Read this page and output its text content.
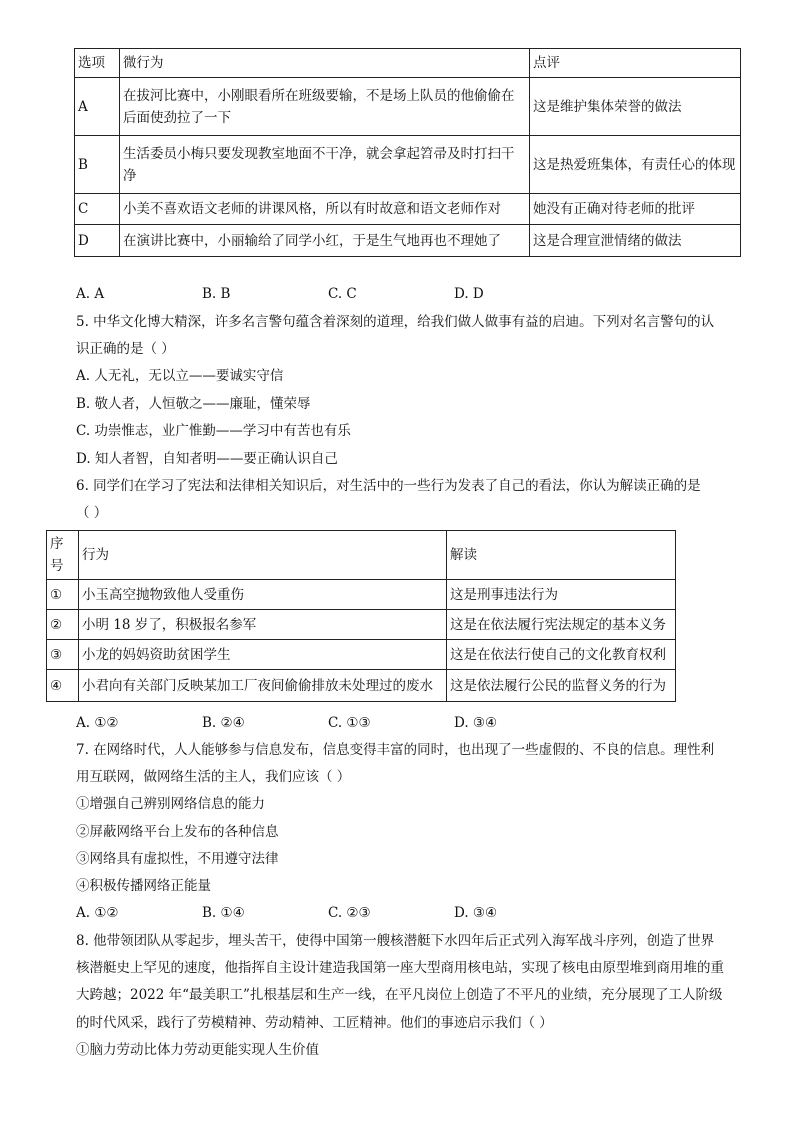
选项	微行为	点评
A	在拔河比赛中，小刚眼看所在班级要输，不是场上队员的他偷偷在后面使劲拉了一下	这是维护集体荣誉的做法
B	生活委员小梅只要发现教室地面不干净，就会拿起笤帚及时打扫干净	这是热爱班集体，有责任心的体现
C	小美不喜欢语文老师的讲课风格，所以有时故意和语文老师作对	她没有正确对待老师的批评
D	在演讲比赛中，小丽输给了同学小红，于是生气地再也不理她了	这是合理宣泄情绪的做法
A. A	B. B	C. C	D. D
5. 中华文化博大精深，许多名言警句蕴含着深刻的道理，给我们做人做事有益的启迪。下列对名言警句的认
识正确的是（ ）
A. 人无礼，无以立——要诚实守信
B. 敬人者，人恒敬之——廉耻，懂荣辱
C. 功崇惟志，业广惟勤——学习中有苦也有乐
D. 知人者智，自知者明——要正确认识自己
6. 同学们在学习了宪法和法律相关知识后，对生活中的一些行为发表了自己的看法，你认为解读正确的是
（ ）
序号	行为	解读
①	小玉高空抛物致他人受重伤	这是刑事违法行为
②	小明 18 岁了，积极报名参军	这是在依法履行宪法规定的基本义务
③	小龙的妈妈资助贫困学生	这是在依法行使自己的文化教育权利
④	小君向有关部门反映某加工厂夜间偷偷排放未处理过的废水	这是依法履行公民的监督义务的行为
A. ①②	B. ②④	C. ①③	D. ③④
7. 在网络时代，人人能够参与信息发布，信息变得丰富的同时，也出现了一些虚假的、不良的信息。理性利
用互联网，做网络生活的主人，我们应该（ ）
①增强自己辨别网络信息的能力
②屏蔽网络平台上发布的各种信息
③网络具有虚拟性，不用遵守法律
④积极传播网络正能量
A. ①②	B. ①④	C. ②③	D. ③④
8. 他带领团队从零起步，埋头苦干，使得中国第一艘核潜艇下水四年后正式列入海军战斗序列，创造了世界
核潜艇史上罕见的速度，他指挥自主设计建造我国第一座大型商用核电站，实现了核电由原型堆到商用堆的重
大跨越；2022 年“最美职工”扎根基层和生产一线，在平凡岗位上创造了不平凡的业绩，充分展现了工人阶级
的时代风采，践行了劳模精神、劳动精神、工匠精神。他们的事迹启示我们（ ）
①脑力劳动比体力劳动更能实现人生价值
